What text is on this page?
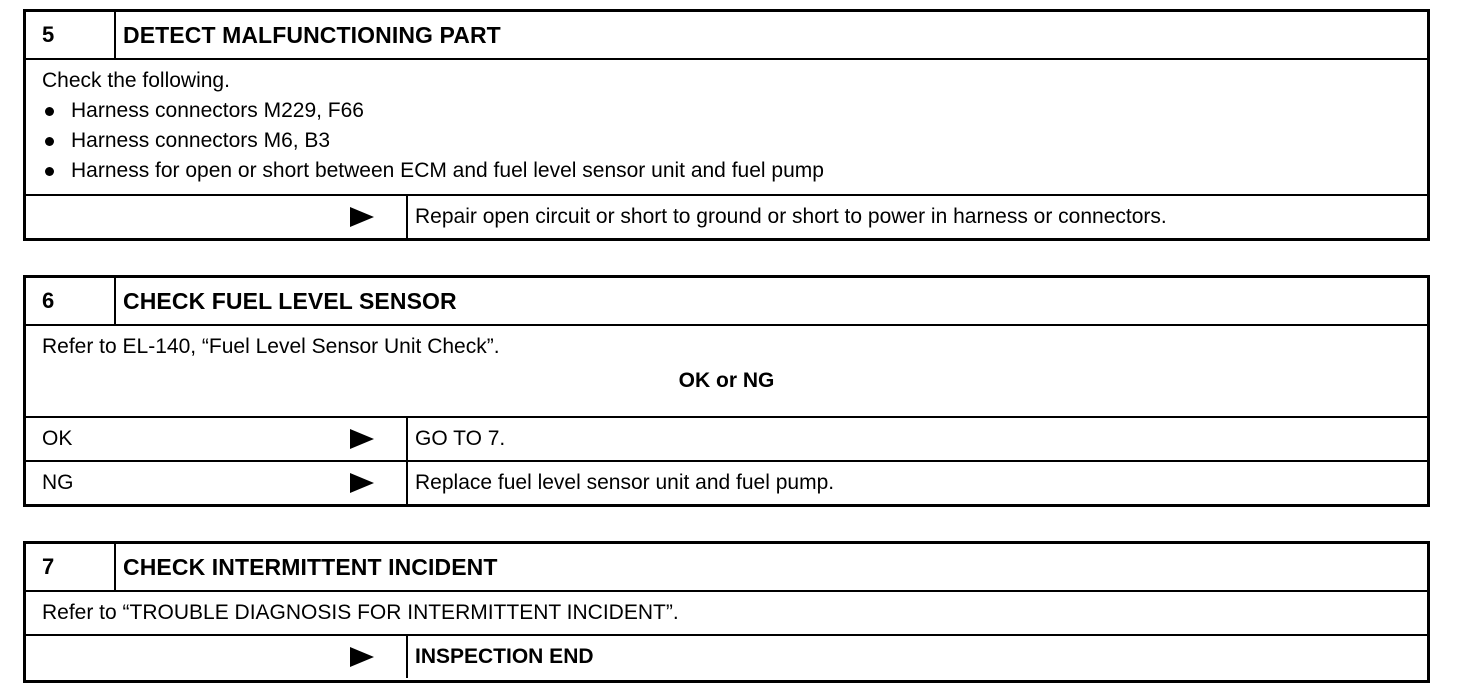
5	DETECT MALFUNCTIONING PART
Check the following.
Harness connectors M229, F66
Harness connectors M6, B3
Harness for open or short between ECM and fuel level sensor unit and fuel pump
Repair open circuit or short to ground or short to power in harness or connectors.
6	CHECK FUEL LEVEL SENSOR
Refer to EL-140, “Fuel Level Sensor Unit Check”.
OK or NG
OK	GO TO 7.
NG	Replace fuel level sensor unit and fuel pump.
7	CHECK INTERMITTENT INCIDENT
Refer to “TROUBLE DIAGNOSIS FOR INTERMITTENT INCIDENT”.
INSPECTION END
